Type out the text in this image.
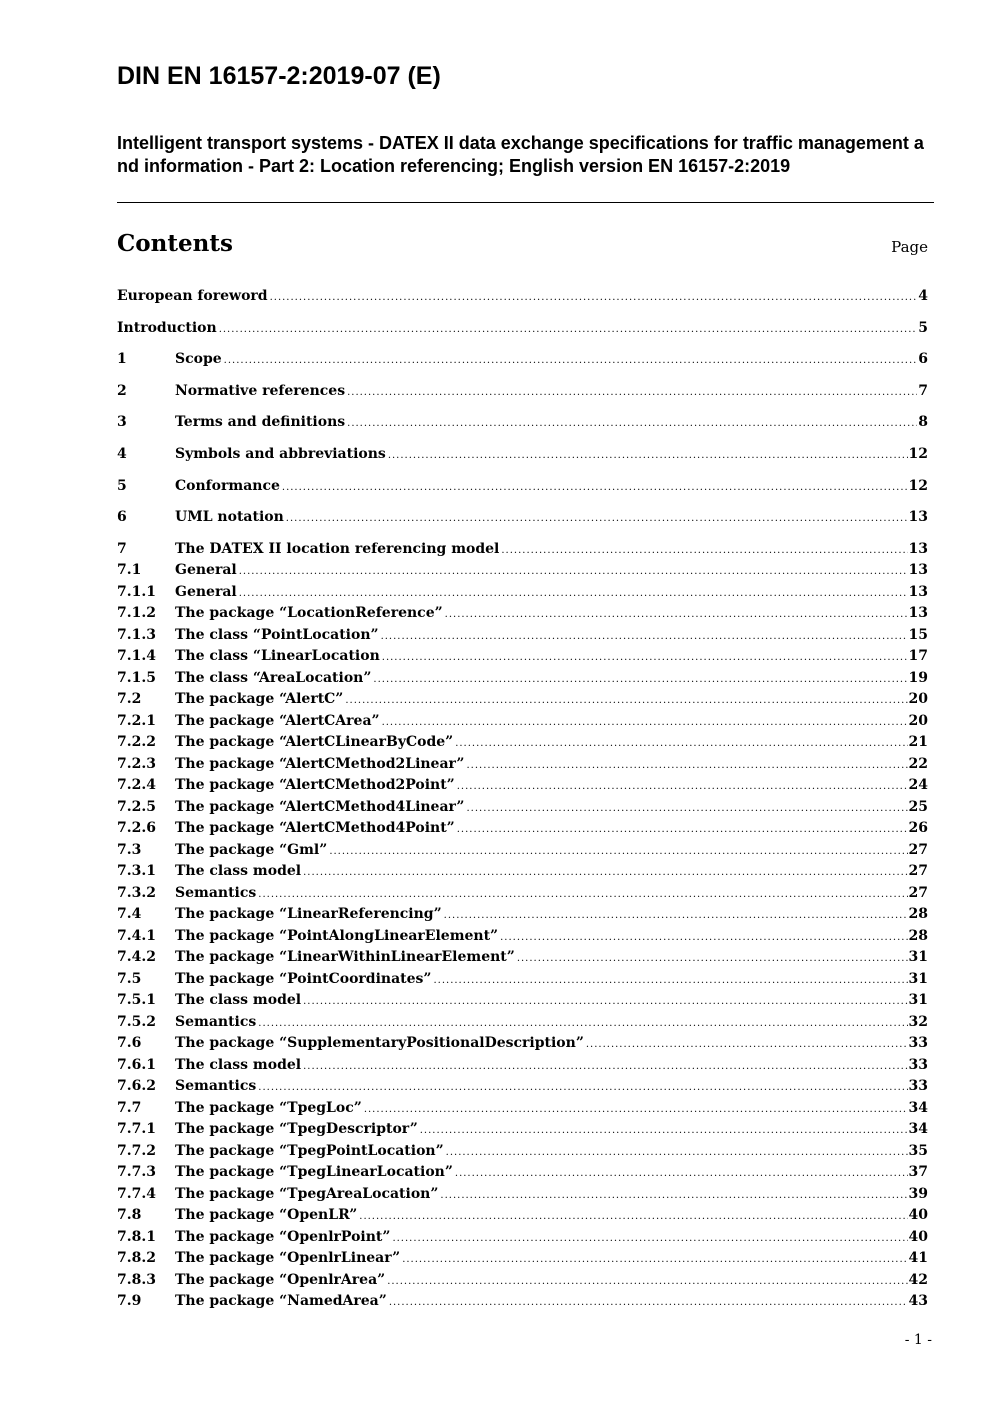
DIN EN 16157-2:2019-07 (E)
Intelligent transport systems - DATEX II data exchange specifications for traffic management and information - Part 2: Location referencing; English version EN 16157-2:2019
Contents	Page
European foreword .....	4
Introduction .....	5
1	Scope .....	6
2	Normative references .....	7
3	Terms and definitions .....	8
4	Symbols and abbreviations .....	12
5	Conformance .....	12
6	UML notation .....	13
7	The DATEX II location referencing model .....	13
7.1	General .....	13
7.1.1	General .....	13
7.1.2	The package “LocationReference” .....	13
7.1.3	The class “PointLocation” .....	15
7.1.4	The class “LinearLocation .....	17
7.1.5	The class “AreaLocation” .....	19
7.2	The package “AlertC” .....	20
7.2.1	The package “AlertCArea” .....	20
7.2.2	The package “AlertCLinearByCode” .....	21
7.2.3	The package “AlertCMethod2Linear” .....	22
7.2.4	The package “AlertCMethod2Point” .....	24
7.2.5	The package “AlertCMethod4Linear” .....	25
7.2.6	The package “AlertCMethod4Point” .....	26
7.3	The package “Gml” .....	27
7.3.1	The class model .....	27
7.3.2	Semantics .....	27
7.4	The package “LinearReferencing” .....	28
7.4.1	The package “PointAlongLinearElement” .....	28
7.4.2	The package “LinearWithinLinearElement” .....	31
7.5	The package “PointCoordinates” .....	31
7.5.1	The class model .....	31
7.5.2	Semantics .....	32
7.6	The package “SupplementaryPositionalDescription” .....	33
7.6.1	The class model .....	33
7.6.2	Semantics .....	33
7.7	The package “TpegLoc” .....	34
7.7.1	The package “TpegDescriptor” .....	34
7.7.2	The package “TpegPointLocation” .....	35
7.7.3	The package “TpegLinearLocation” .....	37
7.7.4	The package “TpegAreaLocation” .....	39
7.8	The package “OpenLR” .....	40
7.8.1	The package “OpenlrPoint” .....	40
7.8.2	The package “OpenlrLinear” .....	41
7.8.3	The package “OpenlrArea” .....	42
7.9	The package “NamedArea” .....	43
- 1 -
